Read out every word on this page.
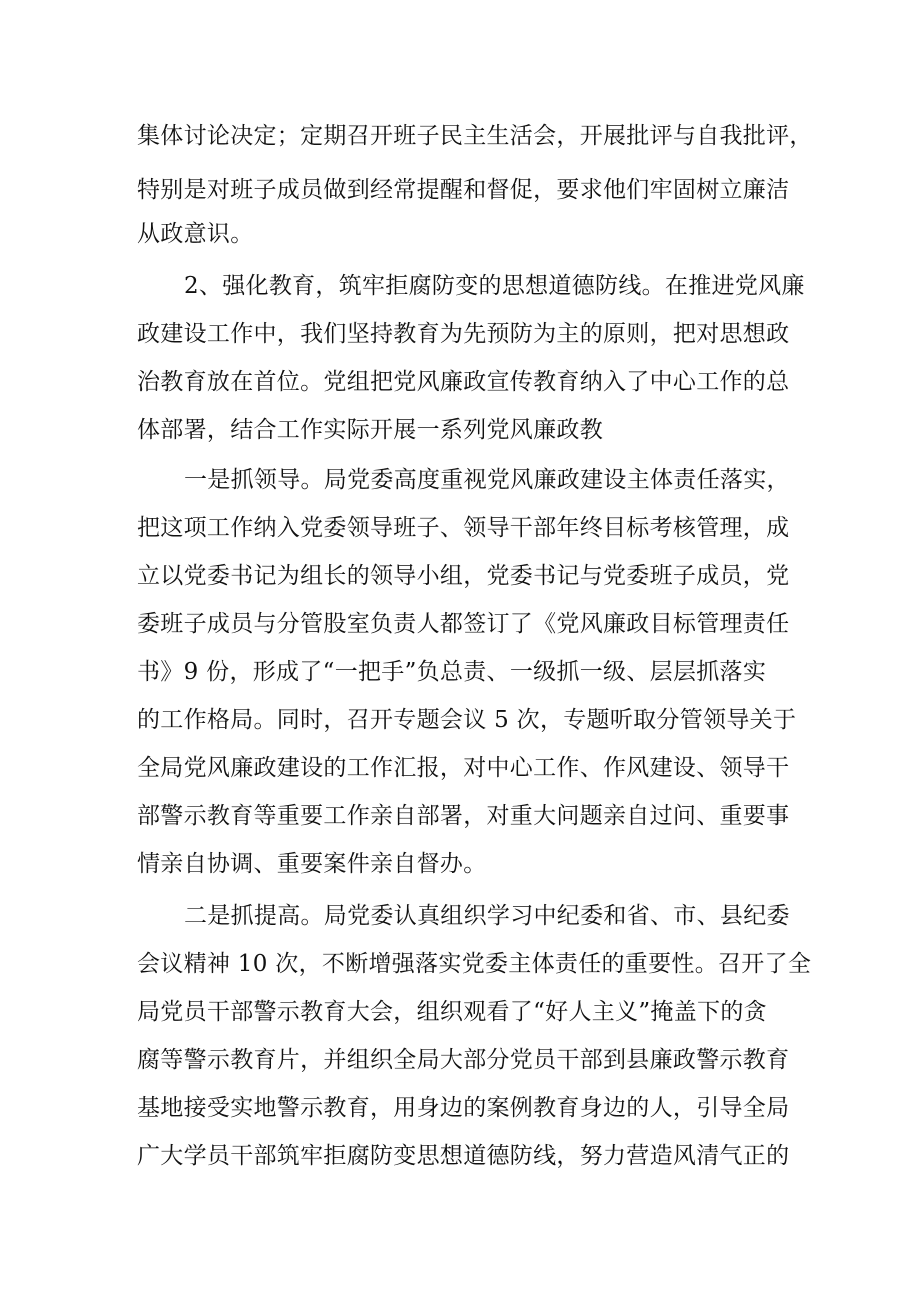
集体讨论决定；定期召开班子民主生活会，开展批评与自我批评，
特别是对班子成员做到经常提醒和督促，要求他们牢固树立廉洁
从政意识。
2、强化教育，筑牢拒腐防变的思想道德防线。在推进党风廉
政建设工作中，我们坚持教育为先预防为主的原则，把对思想政
治教育放在首位。党组把党风廉政宣传教育纳入了中心工作的总
体部署，结合工作实际开展一系列党风廉政教
一是抓领导。局党委高度重视党风廉政建设主体责任落实，
把这项工作纳入党委领导班子、领导干部年终目标考核管理，成
立以党委书记为组长的领导小组，党委书记与党委班子成员，党
委班子成员与分管股室负责人都签订了《党风廉政目标管理责任
书》9 份，形成了“一把手”负总责、一级抓一级、层层抓落实
的工作格局。同时，召开专题会议 5 次，专题听取分管领导关于
全局党风廉政建设的工作汇报，对中心工作、作风建设、领导干
部警示教育等重要工作亲自部署，对重大问题亲自过问、重要事
情亲自协调、重要案件亲自督办。
二是抓提高。局党委认真组织学习中纪委和省、市、县纪委
会议精神 10 次，不断增强落实党委主体责任的重要性。召开了全
局党员干部警示教育大会，组织观看了“好人主义”掩盖下的贪
腐等警示教育片，并组织全局大部分党员干部到县廉政警示教育
基地接受实地警示教育，用身边的案例教育身边的人，引导全局
广大学员干部筑牢拒腐防变思想道德防线，努力营造风清气正的
